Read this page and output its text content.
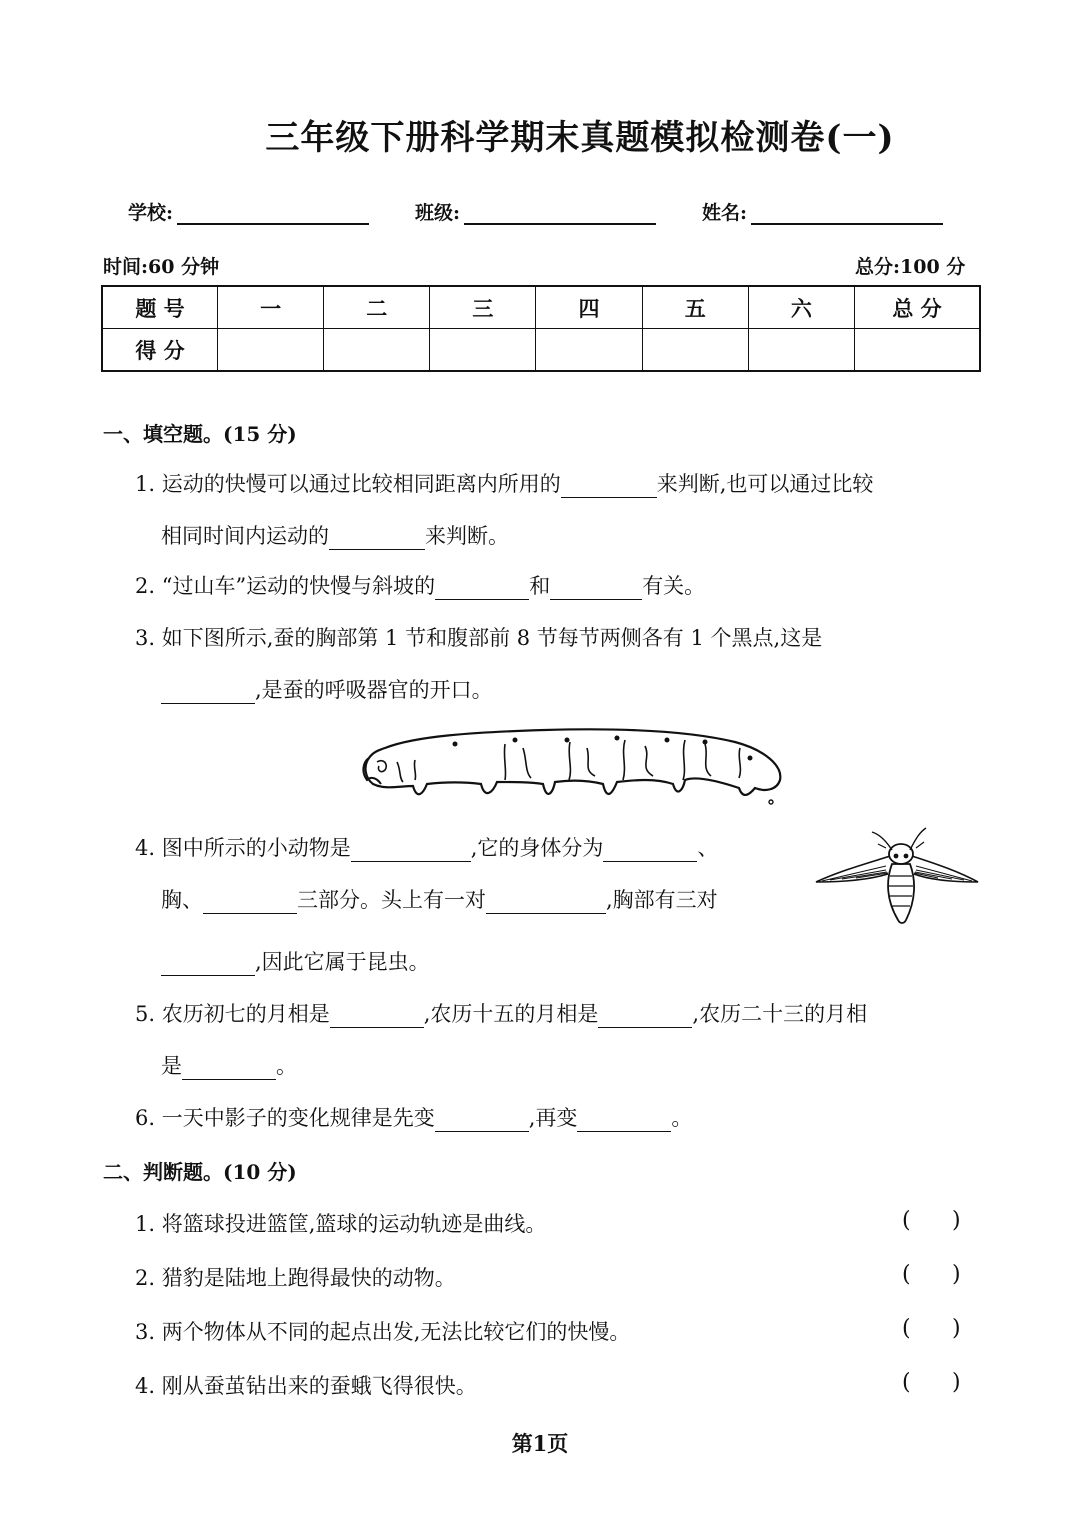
三年级下册科学期末真题模拟检测卷(一)
学校:	班级:	姓名:
时间:60 分钟	总分:100 分
题 号	一	二	三	四	五	六	总 分
得 分							
一、填空题。(15 分)
1. 运动的快慢可以通过比较相同距离内所用的	来判断,也可以通过比较
相同时间内运动的	来判断。
2. “过山车”运动的快慢与斜坡的	和	有关。
3. 如下图所示,蚕的胸部第 1 节和腹部前 8 节每节两侧各有 1 个黑点,这是
,是蚕的呼吸器官的开口。
4. 图中所示的小动物是	,它的身体分为	、
胸、	三部分。头上有一对	,胸部有三对
,因此它属于昆虫。
5. 农历初七的月相是	,农历十五的月相是	,农历二十三的月相
是	。
6. 一天中影子的变化规律是先变	,再变	。
二、判断题。(10 分)
1. 将篮球投进篮筐,篮球的运动轨迹是曲线。	( )
2. 猎豹是陆地上跑得最快的动物。	( )
3. 两个物体从不同的起点出发,无法比较它们的快慢。	( )
4. 刚从蚕茧钻出来的蚕蛾飞得很快。	( )
第1页
